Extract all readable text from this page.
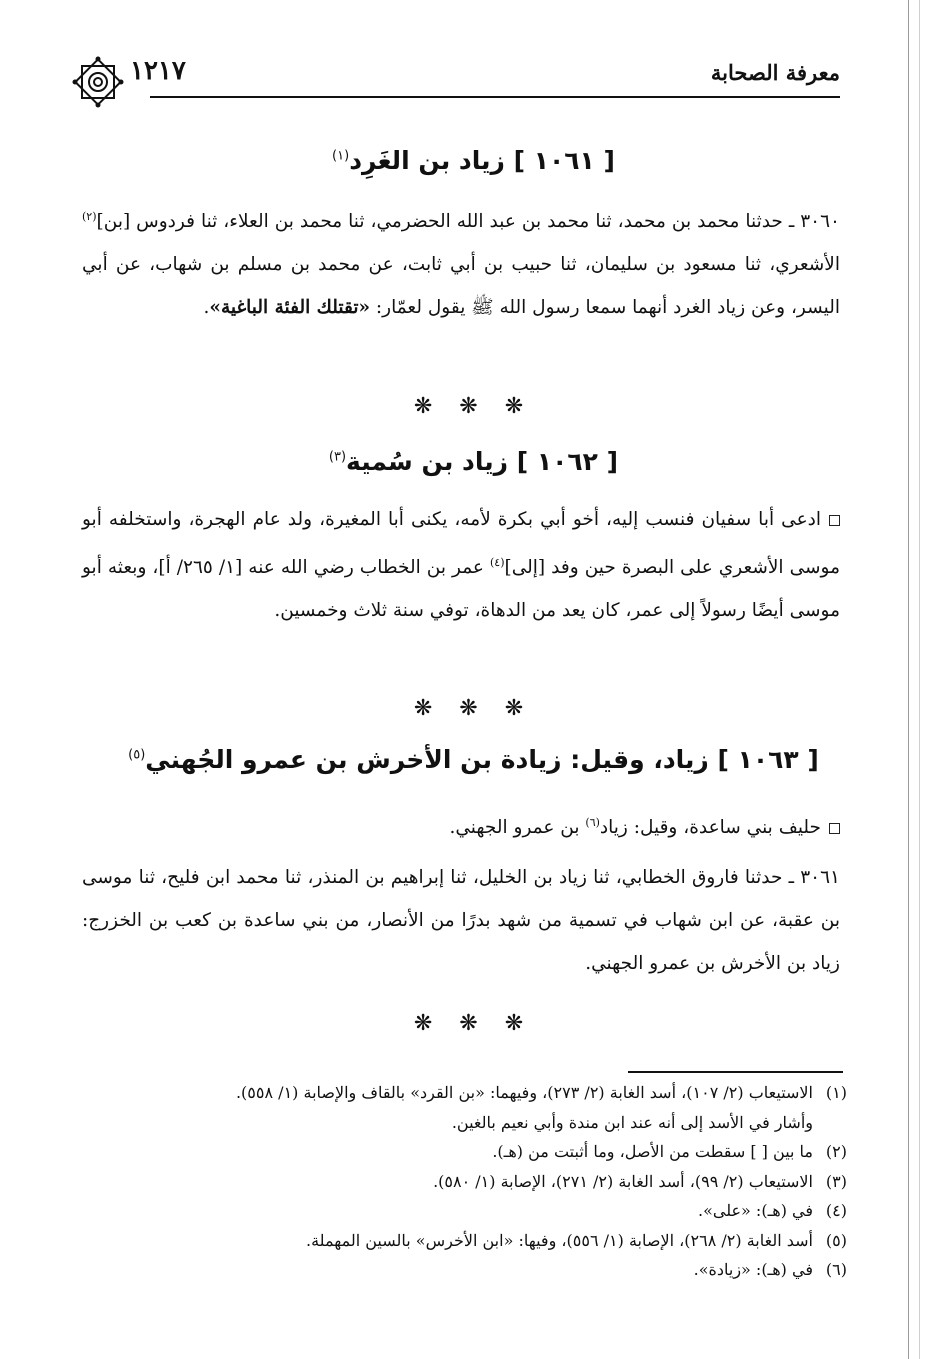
معرفة الصحابة
١٢١٧
[ ١٠٦١ ] زياد بن الغَرِد$^{(١)}$
٣٠٦٠ ـ حدثنا محمد بن محمد، ثنا محمد بن عبد الله الحضرمي، ثنا محمد بن العلاء، ثنا فردوس [بن]$^{(٢)}$ الأشعري، ثنا مسعود بن سليمان، ثنا حبيب بن أبي ثابت، عن محمد بن مسلم بن شهاب، عن أبي اليسر، وعن زياد الغرد أنهما سمعا رسول الله ﷺ يقول لعمّار: «تقتلك الفئة الباغية».
❋ ❋ ❋
[ ١٠٦٢ ] زياد بن سُمية$^{(٣)}$
ادعى أبا سفيان فنسب إليه، أخو أبي بكرة لأمه، يكنى أبا المغيرة، ولد عام الهجرة، واستخلفه أبو موسى الأشعري على البصرة حين وفد [إلى]$^{(٤)}$ عمر بن الخطاب رضي الله عنه [١/ ٢٦٥/ أ]، وبعثه أبو موسى أيضًا رسولاً إلى عمر، كان يعد من الدهاة، توفي سنة ثلاث وخمسين.
❋ ❋ ❋
[ ١٠٦٣ ] زياد، وقيل: زيادة بن الأخرش بن عمرو الجُهني$^{(٥)}$
حليف بني ساعدة، وقيل: زياد$^{(٦)}$ بن عمرو الجهني.
٣٠٦١ ـ حدثنا فاروق الخطابي، ثنا زياد بن الخليل، ثنا إبراهيم بن المنذر، ثنا محمد ابن فليح، ثنا موسى بن عقبة، عن ابن شهاب في تسمية من شهد بدرًا من الأنصار، من بني ساعدة بن كعب بن الخزرج: زياد بن الأخرش بن عمرو الجهني.
❋ ❋ ❋
(١)الاستيعاب (٢/ ١٠٧)، أسد الغابة (٢/ ٢٧٣)، وفيهما: «بن القرد» بالقاف والإصابة (١/ ٥٥٨).
وأشار في الأسد إلى أنه عند ابن مندة وأبي نعيم بالغين.
(٢)ما بين [ ] سقطت من الأصل، وما أثبتت من (هـ).
(٣)الاستيعاب (٢/ ٩٩)، أسد الغابة (٢/ ٢٧١)، الإصابة (١/ ٥٨٠).
(٤)في (هـ): «على».
(٥)أسد الغابة (٢/ ٢٦٨)، الإصابة (١/ ٥٥٦)، وفيها: «ابن الأخرس» بالسين المهملة.
(٦)في (هـ): «زيادة».
